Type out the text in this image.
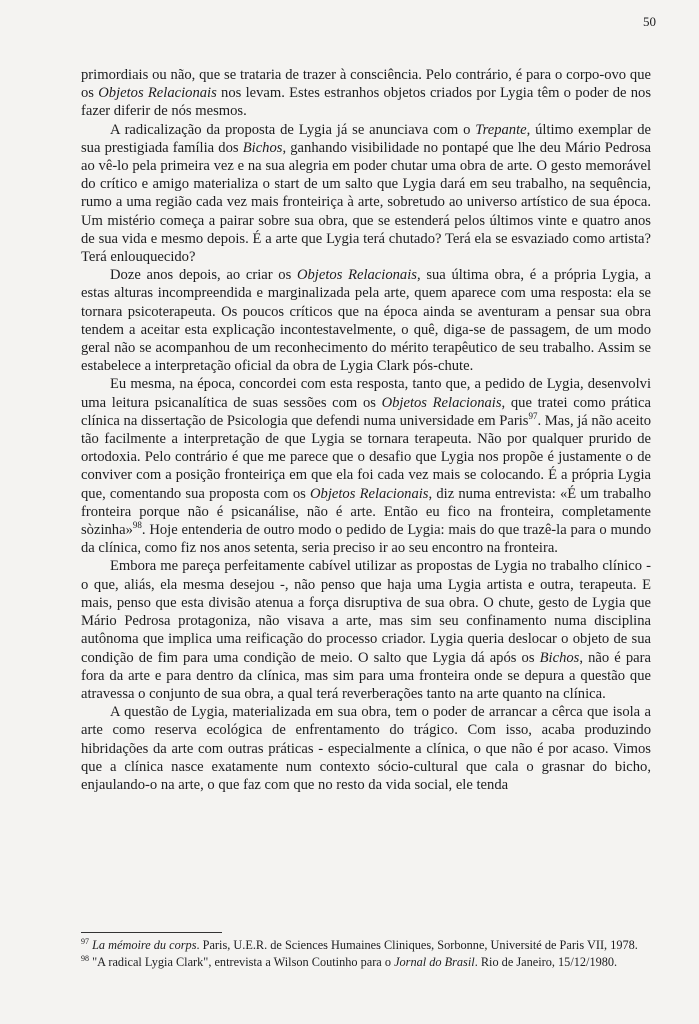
50

primordiais ou não, que se trataria de trazer à consciência. Pelo contrário, é para o corpo-ovo que os Objetos Relacionais nos levam. Estes estranhos objetos criados por Lygia têm o poder de nos fazer diferir de nós mesmos.

A radicalização da proposta de Lygia já se anunciava com o Trepante, último exemplar de sua prestigiada família dos Bichos, ganhando visibilidade no pontapé que lhe deu Mário Pedrosa ao vê-lo pela primeira vez e na sua alegria em poder chutar uma obra de arte. O gesto memorável do crítico e amigo materializa o start de um salto que Lygia dará em seu trabalho, na sequência, rumo a uma região cada vez mais fronteiriça à arte, sobretudo ao universo artístico de sua época. Um mistério começa a pairar sobre sua obra, que se estenderá pelos últimos vinte e quatro anos de sua vida e mesmo depois. É a arte que Lygia terá chutado? Terá ela se esvaziado como artista? Terá enlouquecido?

Doze anos depois, ao criar os Objetos Relacionais, sua última obra, é a própria Lygia, a estas alturas incompreendida e marginalizada pela arte, quem aparece com uma resposta: ela se tornara psicoterapeuta. Os poucos críticos que na época ainda se aventuram a pensar sua obra tendem a aceitar esta explicação incontestavelmente, o quê, diga-se de passagem, de um modo geral não se acompanhou de um reconhecimento do mérito terapêutico de seu trabalho. Assim se estabelece a interpretação oficial da obra de Lygia Clark pós-chute.

Eu mesma, na época, concordei com esta resposta, tanto que, a pedido de Lygia, desenvolvi uma leitura psicanalítica de suas sessões com os Objetos Relacionais, que tratei como prática clínica na dissertação de Psicologia que defendi numa universidade em Paris$^{97}$. Mas, já não aceito tão facilmente a interpretação de que Lygia se tornara terapeuta. Não por qualquer prurido de ortodoxia. Pelo contrário é que me parece que o desafio que Lygia nos propõe é justamente o de conviver com a posição fronteiriça em que ela foi cada vez mais se colocando. É a própria Lygia que, comentando sua proposta com os Objetos Relacionais, diz numa entrevista: «É um trabalho fronteira porque não é psicanálise, não é arte. Então eu fico na fronteira, completamente sòzinha»$^{98}$. Hoje entenderia de outro modo o pedido de Lygia: mais do que trazê-la para o mundo da clínica, como fiz nos anos setenta, seria preciso ir ao seu encontro na fronteira.

Embora me pareça perfeitamente cabível utilizar as propostas de Lygia no trabalho clínico - o que, aliás, ela mesma desejou -, não penso que haja uma Lygia artista e outra, terapeuta. E mais, penso que esta divisão atenua a força disruptiva de sua obra. O chute, gesto de Lygia que Mário Pedrosa protagoniza, não visava a arte, mas sim seu confinamento numa disciplina autônoma que implica uma reificação do processo criador. Lygia queria deslocar o objeto de sua condição de fim para uma condição de meio. O salto que Lygia dá após os Bichos, não é para fora da arte e para dentro da clínica, mas sim para uma fronteira onde se depura a questão que atravessa o conjunto de sua obra, a qual terá reverberações tanto na arte quanto na clínica.

A questão de Lygia, materializada em sua obra, tem o poder de arrancar a cêrca que isola a arte como reserva ecológica de enfrentamento do trágico. Com isso, acaba produzindo hibridações da arte com outras práticas - especialmente a clínica, o que não é por acaso. Vimos que a clínica nasce exatamente num contexto sócio-cultural que cala o grasnar do bicho, enjaulando-o na arte, o que faz com que no resto da vida social, ele tenda

$^{97}$ La mémoire du corps. Paris, U.E.R. de Sciences Humaines Cliniques, Sorbonne, Université de Paris VII, 1978.

$^{98}$ "A radical Lygia Clark", entrevista a Wilson Coutinho para o Jornal do Brasil. Rio de Janeiro, 15/12/1980.
